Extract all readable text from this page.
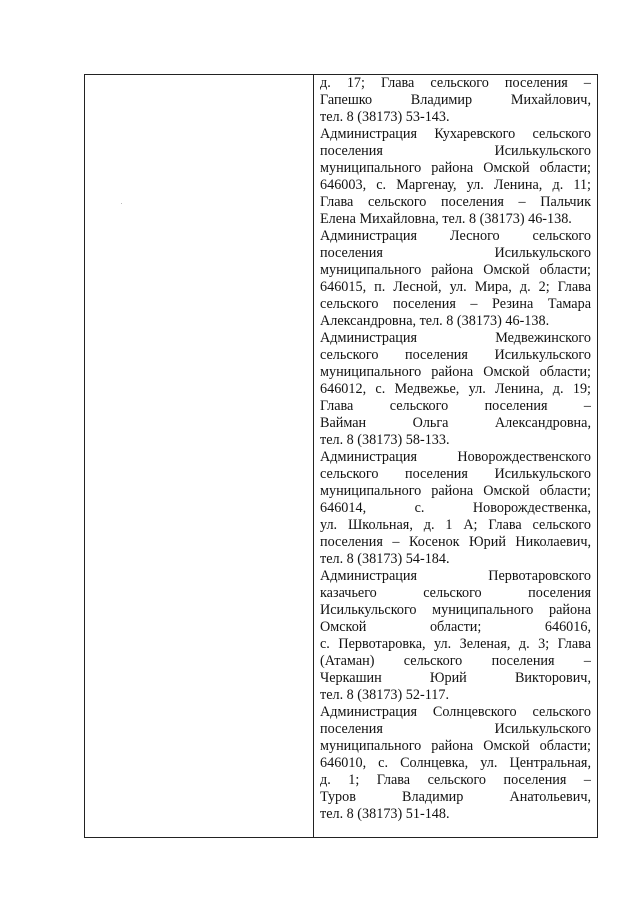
д. 17; Глава сельского поселения –
Гапешко Владимир Михайлович,
тел. 8 (38173) 53-143.
Администрация Кухаревского сельского
поселения Исилькульского
муниципального района Омской области;
646003, с. Маргенау, ул. Ленина, д. 11;
Глава сельского поселения – Пальчик
Елена Михайловна, тел. 8 (38173) 46-138.
Администрация Лесного сельского
поселения Исилькульского
муниципального района Омской области;
646015, п. Лесной, ул. Мира, д. 2; Глава
сельского поселения – Резина Тамара
Александровна, тел. 8 (38173) 46-138.
Администрация Медвежинского
сельского поселения Исилькульского
муниципального района Омской области;
646012, с. Медвежье, ул. Ленина, д. 19;
Глава сельского поселения –
Вайман Ольга Александровна,
тел. 8 (38173) 58-133.
Администрация Новорождественского
сельского поселения Исилькульского
муниципального района Омской области;
646014, с. Новорождественка,
ул. Школьная, д. 1 А; Глава сельского
поселения – Косенок Юрий Николаевич,
тел. 8 (38173) 54-184.
Администрация Первотаровского
казачьего сельского поселения
Исилькульского муниципального района
Омской области; 646016,
с. Первотаровка, ул. Зеленая, д. 3; Глава
(Атаман) сельского поселения –
Черкашин Юрий Викторович,
тел. 8 (38173) 52-117.
Администрация Солнцевского сельского
поселения Исилькульского
муниципального района Омской области;
646010, с. Солнцевка, ул. Центральная,
д. 1; Глава сельского поселения –
Туров Владимир Анатольевич,
тел. 8 (38173) 51-148.
